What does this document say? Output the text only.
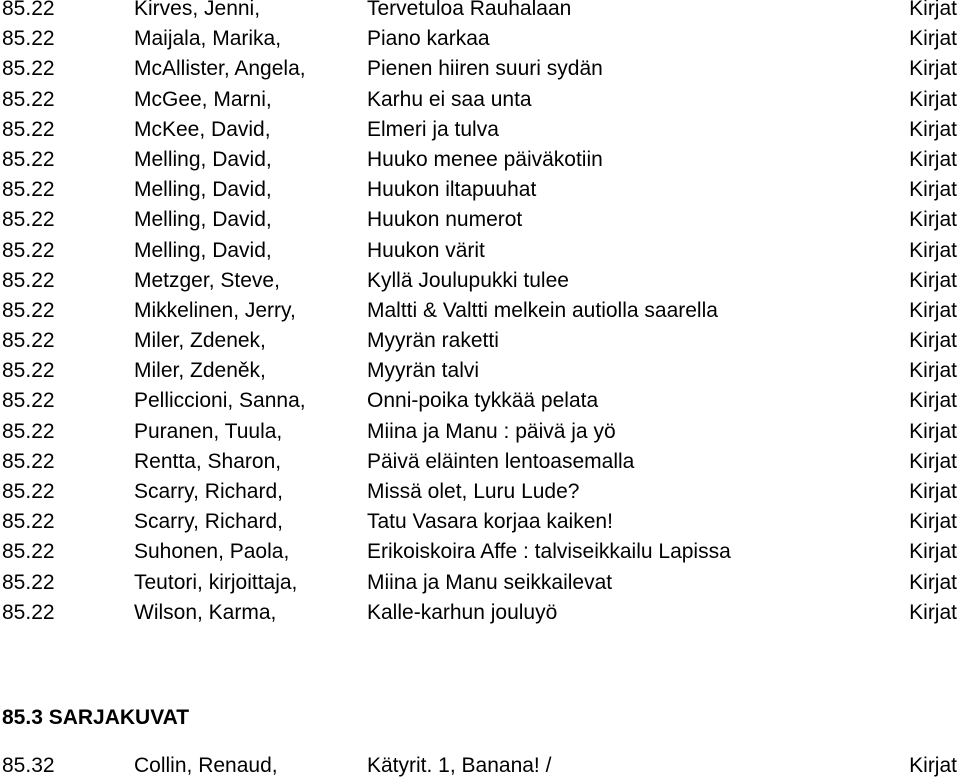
85.22	Kirves, Jenni,	Tervetuloa Rauhalaan	Kirjat
85.22	Maijala, Marika,	Piano karkaa	Kirjat
85.22	McAllister, Angela,	Pienen hiiren suuri sydän	Kirjat
85.22	McGee, Marni,	Karhu ei saa unta	Kirjat
85.22	McKee, David,	Elmeri ja tulva	Kirjat
85.22	Melling, David,	Huuko menee päiväkotiin	Kirjat
85.22	Melling, David,	Huukon iltapuuhat	Kirjat
85.22	Melling, David,	Huukon numerot	Kirjat
85.22	Melling, David,	Huukon värit	Kirjat
85.22	Metzger, Steve,	Kyllä Joulupukki tulee	Kirjat
85.22	Mikkelinen, Jerry,	Maltti & Valtti melkein autiolla saarella	Kirjat
85.22	Miler, Zdenek,	Myyrän raketti	Kirjat
85.22	Miler, Zdeněk,	Myyrän talvi	Kirjat
85.22	Pelliccioni, Sanna,	Onni-poika tykkää pelata	Kirjat
85.22	Puranen, Tuula,	Miina ja Manu : päivä ja yö	Kirjat
85.22	Rentta, Sharon,	Päivä eläinten lentoasemalla	Kirjat
85.22	Scarry, Richard,	Missä olet, Luru Lude?	Kirjat
85.22	Scarry, Richard,	Tatu Vasara korjaa kaiken!	Kirjat
85.22	Suhonen, Paola,	Erikoiskoira Affe : talviseikkailu Lapissa	Kirjat
85.22	Teutori, kirjoittaja,	Miina ja Manu seikkailevat	Kirjat
85.22	Wilson, Karma,	Kalle-karhun jouluyö	Kirjat
85.3 SARJAKUVAT
85.32	Collin, Renaud,	Kätyrit. 1, Banana! /	Kirjat
